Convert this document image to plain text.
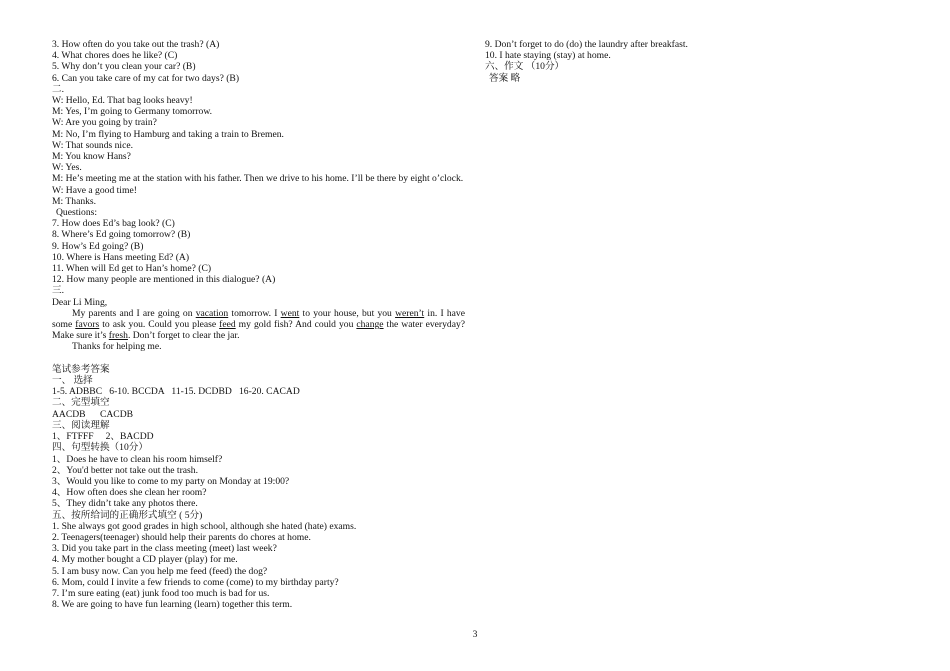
3. How often do you take out the trash? (A)
4. What chores does he like? (C)
5. Why don’t you clean your car? (B)
6. Can you take care of my cat for two days? (B)
二.
W: Hello, Ed. That bag looks heavy!
M: Yes, I’m going to Germany tomorrow.
W: Are you going by train?
M: No, I’m flying to Hamburg and taking a train to Bremen.
W: That sounds nice.
M: You know Hans?
W: Yes.
M: He’s meeting me at the station with his father. Then we drive to his home. I’ll be there by eight o’clock.
W: Have a good time!
M: Thanks.
Questions:
7. How does Ed’s bag look? (C)
8. Where’s Ed going tomorrow? (B)
9. How’s Ed going? (B)
10. Where is Hans meeting Ed? (A)
11. When will Ed get to Han’s home? (C)
12. How many people are mentioned in this dialogue? (A)
三.
Dear Li Ming,
My parents and I are going on vacation tomorrow. I went to your house, but you weren’t in. I have some favors to ask you. Could you please feed my gold fish? And could you change the water everyday? Make sure it’s fresh. Don’t forget to clear the jar.
Thanks for helping me.
笔试参考答案
一、 选择
1-5. ADBBC   6-10. BCCDA   11-15. DCDBD   16-20. CACAD
二、完型填空
AACDB      CACDB
三、阅读理解
1、FTFFF     2、BACDD
四、句型转换（10分）
1、Does he have to clean his room himself?
2、You'd better not take out the trash.
3、Would you like to come to my party on Monday at 19:00?
4、How often does she clean her room?
5、They didn’t take any photos there.
五、按所给词的正确形式填空 ( 5分)
1. She always got good grades in high school, although she hated (hate) exams.
2. Teenagers(teenager) should help their parents do chores at home.
3. Did you take part in the class meeting (meet) last week?
4. My mother bought a CD player (play) for me.
5. I am busy now. Can you help me feed (feed) the dog?
6. Mom, could I invite a few friends to come (come) to my birthday party?
7. I’m sure eating (eat) junk food too much is bad for us.
8. We are going to have fun learning (learn) together this term.
9. Don’t forget to do (do) the laundry after breakfast.
10. I hate staying (stay) at home.
六、作文 （10分）
答案 略
3
